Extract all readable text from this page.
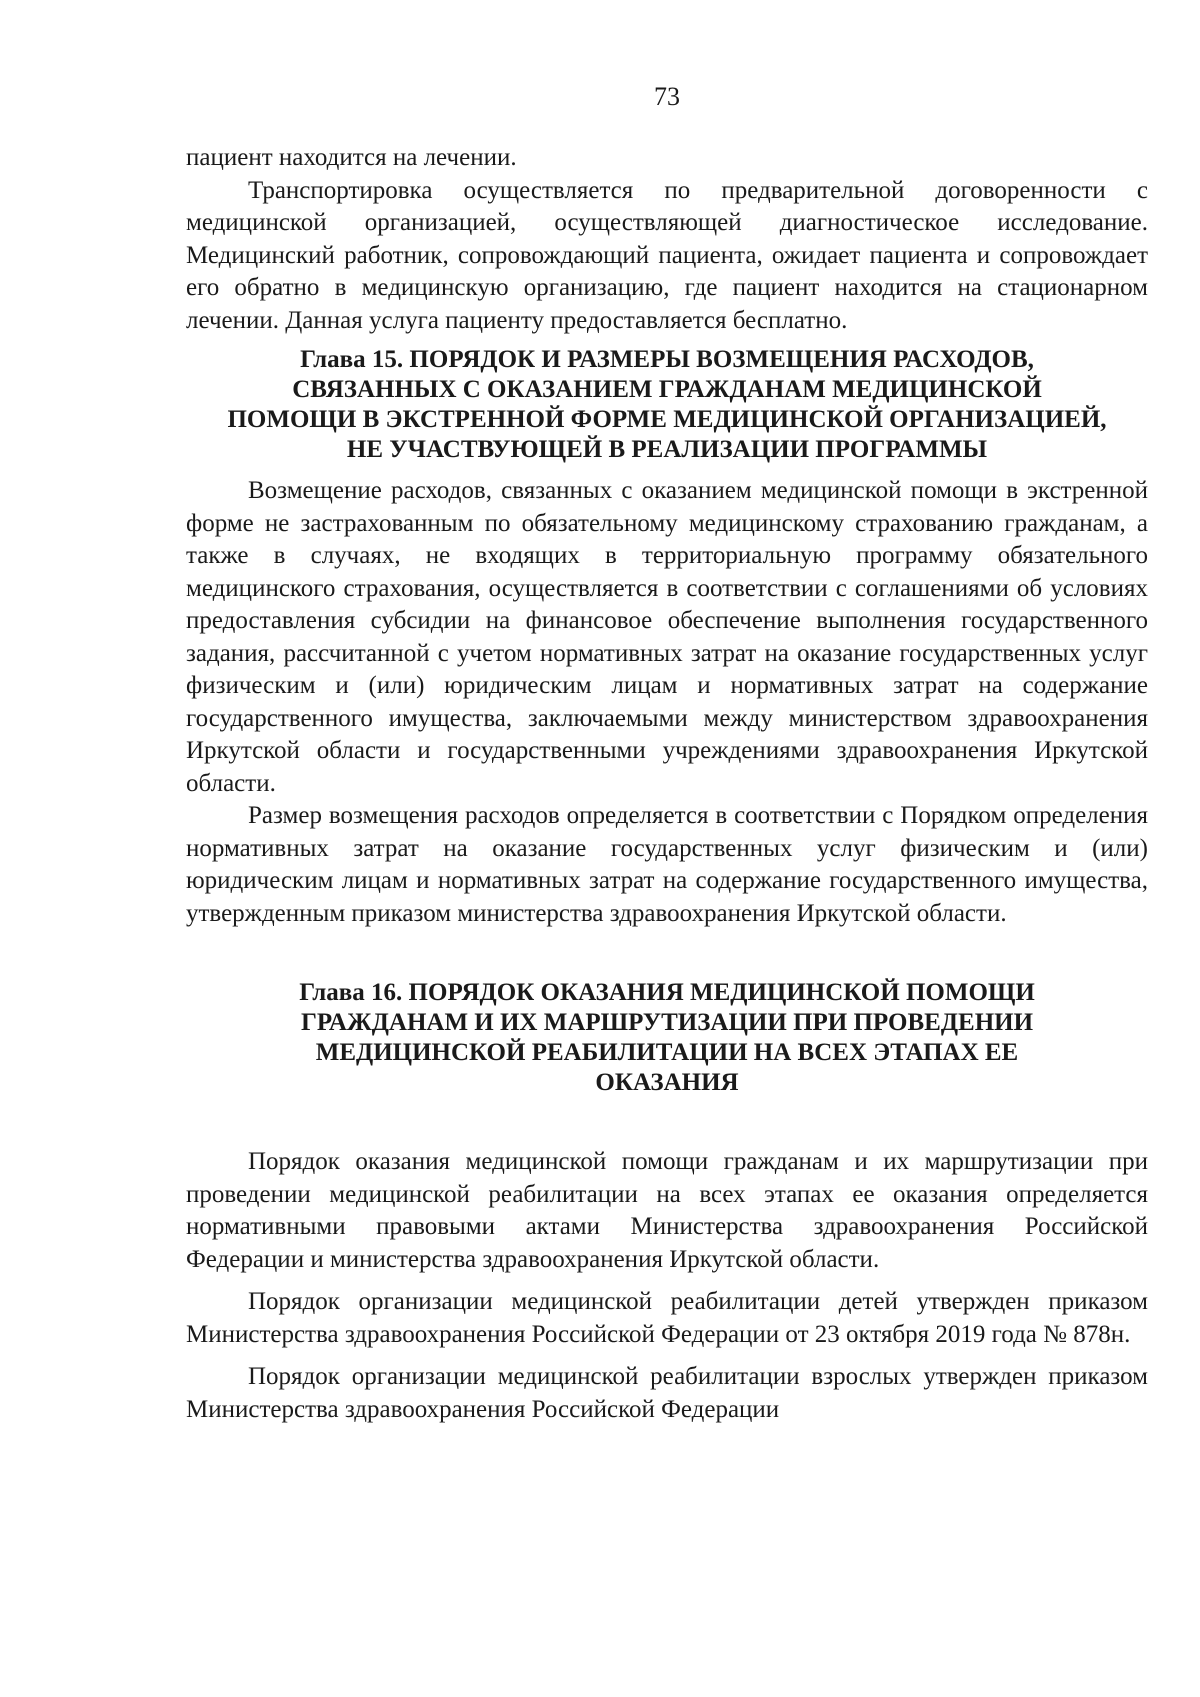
73

пациент находится на лечении.

Транспортировка осуществляется по предварительной договоренности с медицинской организацией, осуществляющей диагностическое исследование. Медицинский работник, сопровождающий пациента, ожидает пациента и сопровождает его обратно в медицинскую организацию, где пациент находится на стационарном лечении. Данная услуга пациенту предоставляется бесплатно.

Глава 15. ПОРЯДОК И РАЗМЕРЫ ВОЗМЕЩЕНИЯ РАСХОДОВ, СВЯЗАННЫХ С ОКАЗАНИЕМ ГРАЖДАНАМ МЕДИЦИНСКОЙ ПОМОЩИ В ЭКСТРЕННОЙ ФОРМЕ МЕДИЦИНСКОЙ ОРГАНИЗАЦИЕЙ, НЕ УЧАСТВУЮЩЕЙ В РЕАЛИЗАЦИИ ПРОГРАММЫ

Возмещение расходов, связанных с оказанием медицинской помощи в экстренной форме не застрахованным по обязательному медицинскому страхованию гражданам, а также в случаях, не входящих в территориальную программу обязательного медицинского страхования, осуществляется в соответствии с соглашениями об условиях предоставления субсидии на финансовое обеспечение выполнения государственного задания, рассчитанной с учетом нормативных затрат на оказание государственных услуг физическим и (или) юридическим лицам и нормативных затрат на содержание государственного имущества, заключаемыми между министерством здравоохранения Иркутской области и государственными учреждениями здравоохранения Иркутской области.

Размер возмещения расходов определяется в соответствии с Порядком определения нормативных затрат на оказание государственных услуг физическим и (или) юридическим лицам и нормативных затрат на содержание государственного имущества, утвержденным приказом министерства здравоохранения Иркутской области.

Глава 16. ПОРЯДОК ОКАЗАНИЯ МЕДИЦИНСКОЙ ПОМОЩИ ГРАЖДАНАМ И ИХ МАРШРУТИЗАЦИИ ПРИ ПРОВЕДЕНИИ МЕДИЦИНСКОЙ РЕАБИЛИТАЦИИ НА ВСЕХ ЭТАПАХ ЕЕ ОКАЗАНИЯ

Порядок оказания медицинской помощи гражданам и их маршрутизации при проведении медицинской реабилитации на всех этапах ее оказания определяется нормативными правовыми актами Министерства здравоохранения Российской Федерации и министерства здравоохранения Иркутской области.

Порядок организации медицинской реабилитации детей утвержден приказом Министерства здравоохранения Российской Федерации от 23 октября 2019 года № 878н.

Порядок организации медицинской реабилитации взрослых утвержден приказом Министерства здравоохранения Российской Федерации
